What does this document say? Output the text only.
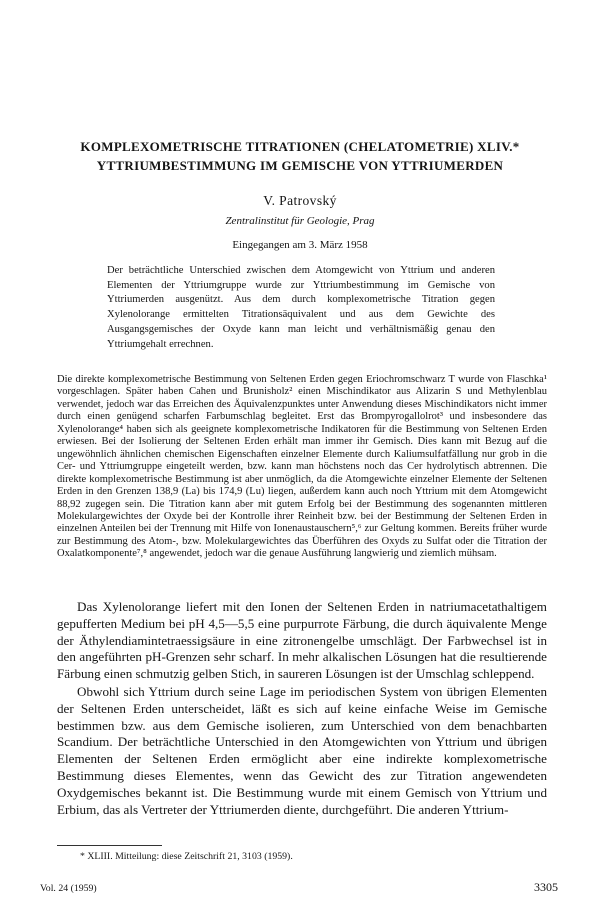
KOMPLEXOMETRISCHE TITRATIONEN (CHELATOMETRIE) XLIV.*
YTTRIUMBESTIMMUNG IM GEMISCHE VON YTTRIUMERDEN
V. Patrovský
Zentralinstitut für Geologie, Prag
Eingegangen am 3. März 1958
Der beträchtliche Unterschied zwischen dem Atomgewicht von Yttrium und anderen Elementen der Yttriumgruppe wurde zur Yttriumbestimmung im Gemische von Yttriumerden ausgenützt. Aus dem durch komplexometrische Titration gegen Xylenolorange ermittelten Titrationsäquivalent und aus dem Gewichte des Ausgangsgemisches der Oxyde kann man leicht und verhältnismäßig genau den Yttriumgehalt errechnen.
Die direkte komplexometrische Bestimmung von Seltenen Erden gegen Eriochromschwarz T wurde von Flaschka¹ vorgeschlagen. Später haben Cahen und Brunisholz² einen Mischindikator aus Alizarin S und Methylenblau verwendet, jedoch war das Erreichen des Äquivalenzpunktes unter Anwendung dieses Mischindikators nicht immer durch einen genügend scharfen Farbumschlag begleitet. Erst das Brompyrogallolrot³ und insbesondere das Xylenolorange⁴ haben sich als geeignete komplexometrische Indikatoren für die Bestimmung von Seltenen Erden erwiesen. Bei der Isolierung der Seltenen Erden erhält man immer ihr Gemisch. Dies kann mit Bezug auf die ungewöhnlich ähnlichen chemischen Eigenschaften einzelner Elemente durch Kaliumsulfatfällung nur grob in die Cer- und Yttriumgruppe eingeteilt werden, bzw. kann man höchstens noch das Cer hydrolytisch abtrennen. Die direkte komplexometrische Bestimmung ist aber unmöglich, da die Atomgewichte einzelner Elemente der Seltenen Erden in den Grenzen 138,9 (La) bis 174,9 (Lu) liegen, außerdem kann auch noch Yttrium mit dem Atomgewicht 88,92 zugegen sein. Die Titration kann aber mit gutem Erfolg bei der Bestimmung des sogenannten mittleren Molekulargewichtes der Oxyde bei der Kontrolle ihrer Reinheit bzw. bei der Bestimmung der Seltenen Erden in einzelnen Anteilen bei der Trennung mit Hilfe von Ionenaustauschern⁵,⁶ zur Geltung kommen. Bereits früher wurde zur Bestimmung des Atom-, bzw. Molekulargewichtes das Überführen des Oxyds zu Sulfat oder die Titration der Oxalatkomponente⁷,⁸ angewendet, jedoch war die genaue Ausführung langwierig und ziemlich mühsam.

Das Xylenolorange liefert mit den Ionen der Seltenen Erden in natriumacetathaltigem gepufferten Medium bei pH 4,5—5,5 eine purpurrote Färbung, die durch äquivalente Menge der Äthylendiamintetraessigsäure in eine zitronengelbe umschlägt. Der Farbwechsel ist in den angeführten pH-Grenzen sehr scharf. In mehr alkalischen Lösungen hat die resultierende Färbung einen schmutzig gelben Stich, in saureren Lösungen ist der Umschlag schleppend.

Obwohl sich Yttrium durch seine Lage im periodischen System von übrigen Elementen der Seltenen Erden unterscheidet, läßt es sich auf keine einfache Weise im Gemische bestimmen bzw. aus dem Gemische isolieren, zum Unterschied von dem benachbarten Scandium. Der beträchtliche Unterschied in den Atomgewichten von Yttrium und übrigen Elementen der Seltenen Erden ermöglicht aber eine indirekte komplexometrische Bestimmung dieses Elementes, wenn das Gewicht des zur Titration angewendeten Oxydgemisches bekannt ist. Die Bestimmung wurde mit einem Gemisch von Yttrium und Erbium, das als Vertreter der Yttriumerden diente, durchgeführt. Die anderen Yttrium-

* XLIII. Mitteilung: diese Zeitschrift 21, 3103 (1959).
Vol. 24 (1959)	3305
